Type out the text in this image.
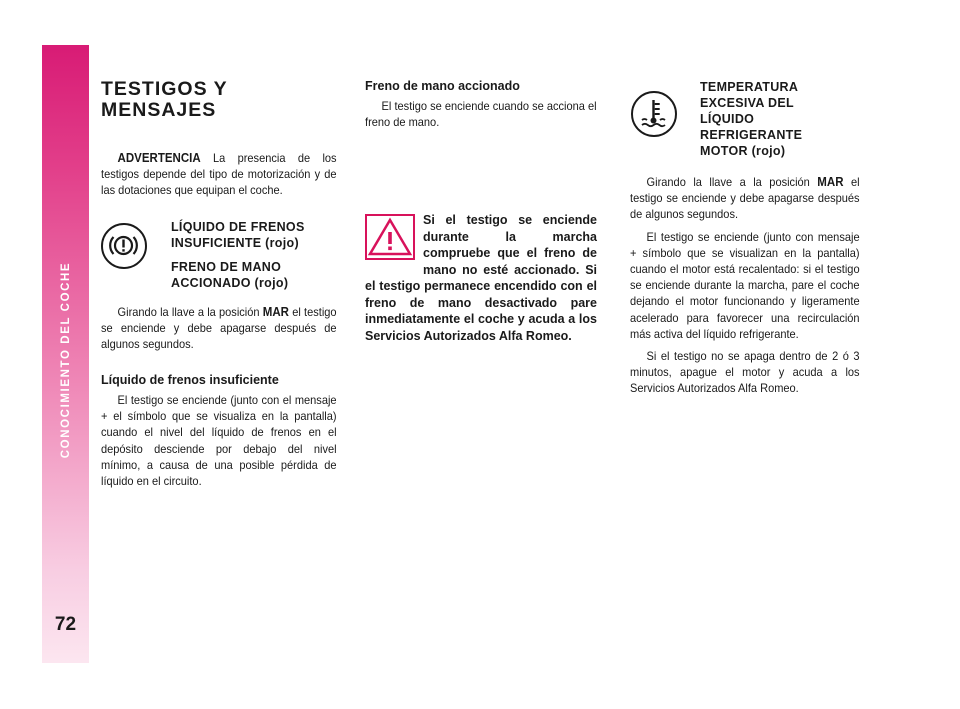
CONOCIMIENTO DEL COCHE
72
TESTIGOS Y
MENSAJES

ADVERTENCIA La presencia de los testigos depende del tipo de motorización y de las dotaciones que equipan el coche.

LÍQUIDO DE FRENOS
INSUFICIENTE (rojo)

FRENO DE MANO
ACCIONADO (rojo)

Girando la llave a la posición MAR el testigo se enciende y debe apagarse después de algunos segundos.

Líquido de frenos insuficiente

El testigo se enciende (junto con el mensaje + el símbolo que se visualiza en la pantalla) cuando el nivel del líquido de frenos en el depósito desciende por debajo del nivel mínimo, a causa de una posible pérdida de líquido en el circuito.

Freno de mano accionado

El testigo se enciende cuando se acciona el freno de mano.

Si el testigo se enciende durante la marcha compruebe que el freno de mano no esté accionado. Si el testigo permanece encendido con el freno de mano desactivado pare inmediatamente el coche y acuda a los Servicios Autorizados Alfa Romeo.

TEMPERATURA
EXCESIVA DEL
LÍQUIDO
REFRIGERANTE
MOTOR (rojo)

Girando la llave a la posición MAR el testigo se enciende y debe apagarse después de algunos segundos.

El testigo se enciende (junto con mensaje + símbolo que se visualizan en la pantalla) cuando el motor está recalentado: si el testigo se enciende durante la marcha, pare el coche dejando el motor funcionando y ligeramente acelerado para favorecer una recirculación más activa del líquido refrigerante.

Si el testigo no se apaga dentro de 2 ó 3 minutos, apague el motor y acuda a los Servicios Autorizados Alfa Romeo.
